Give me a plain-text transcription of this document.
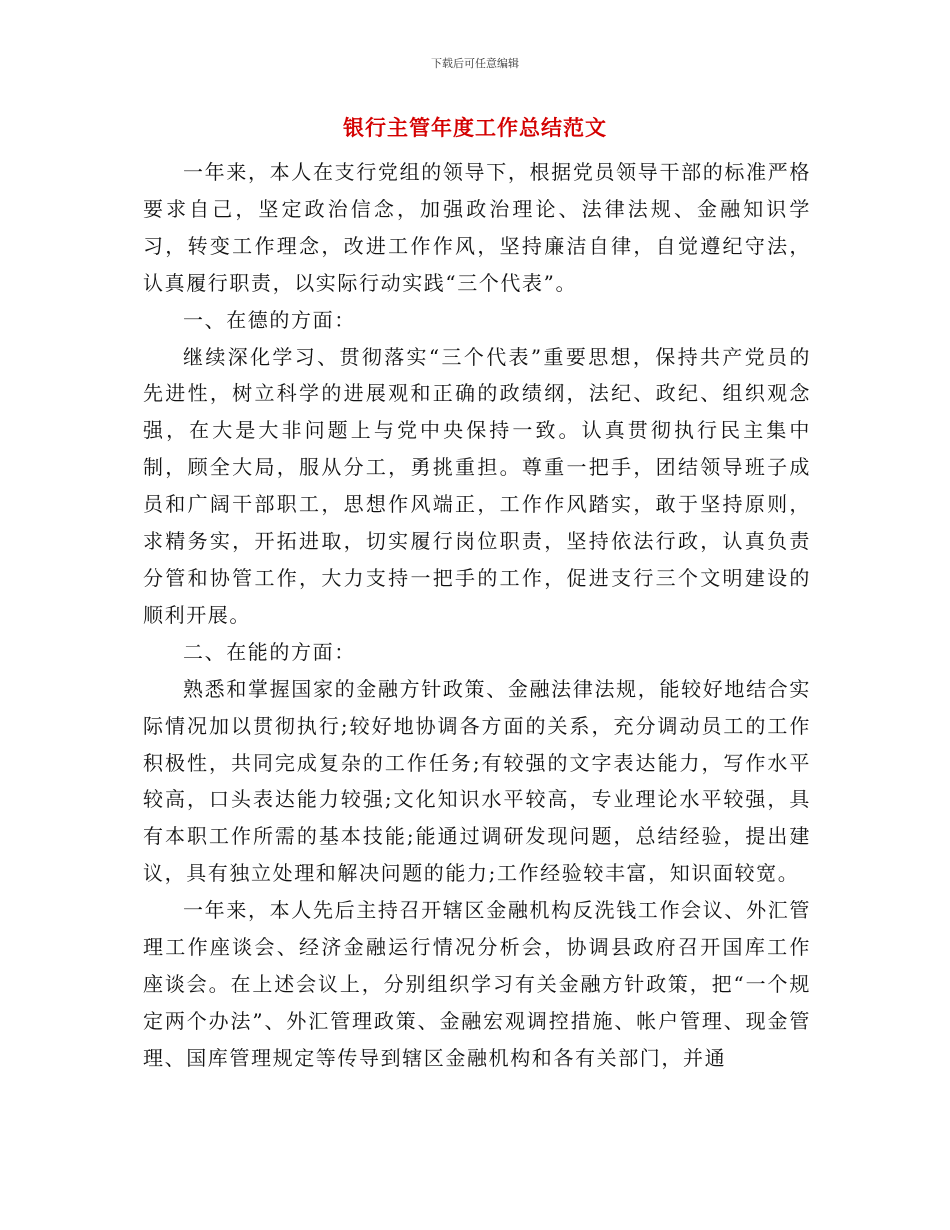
下载后可任意编辑
银行主管年度工作总结范文

一年来，本人在支行党组的领导下，根据党员领导干部的标准严格要求自己，坚定政治信念，加强政治理论、法律法规、金融知识学习，转变工作理念，改进工作作风，坚持廉洁自律，自觉遵纪守法，认真履行职责，以实际行动实践“三个代表”。

一、在德的方面：

继续深化学习、贯彻落实“三个代表”重要思想，保持共产党员的先进性，树立科学的进展观和正确的政绩纲，法纪、政纪、组织观念强，在大是大非问题上与党中央保持一致。认真贯彻执行民主集中制，顾全大局，服从分工，勇挑重担。尊重一把手，团结领导班子成员和广阔干部职工，思想作风端正，工作作风踏实，敢于坚持原则，求精务实，开拓进取，切实履行岗位职责，坚持依法行政，认真负责分管和协管工作，大力支持一把手的工作，促进支行三个文明建设的顺利开展。

二、在能的方面：

熟悉和掌握国家的金融方针政策、金融法律法规，能较好地结合实际情况加以贯彻执行;较好地协调各方面的关系，充分调动员工的工作积极性，共同完成复杂的工作任务;有较强的文字表达能力，写作水平较高，口头表达能力较强;文化知识水平较高，专业理论水平较强，具有本职工作所需的基本技能;能通过调研发现问题，总结经验，提出建议，具有独立处理和解决问题的能力;工作经验较丰富，知识面较宽。

一年来，本人先后主持召开辖区金融机构反洗钱工作会议、外汇管理工作座谈会、经济金融运行情况分析会，协调县政府召开国库工作座谈会。在上述会议上，分别组织学习有关金融方针政策，把“一个规定两个办法”、外汇管理政策、金融宏观调控措施、帐户管理、现金管理、国库管理规定等传导到辖区金融机构和各有关部门，并通
